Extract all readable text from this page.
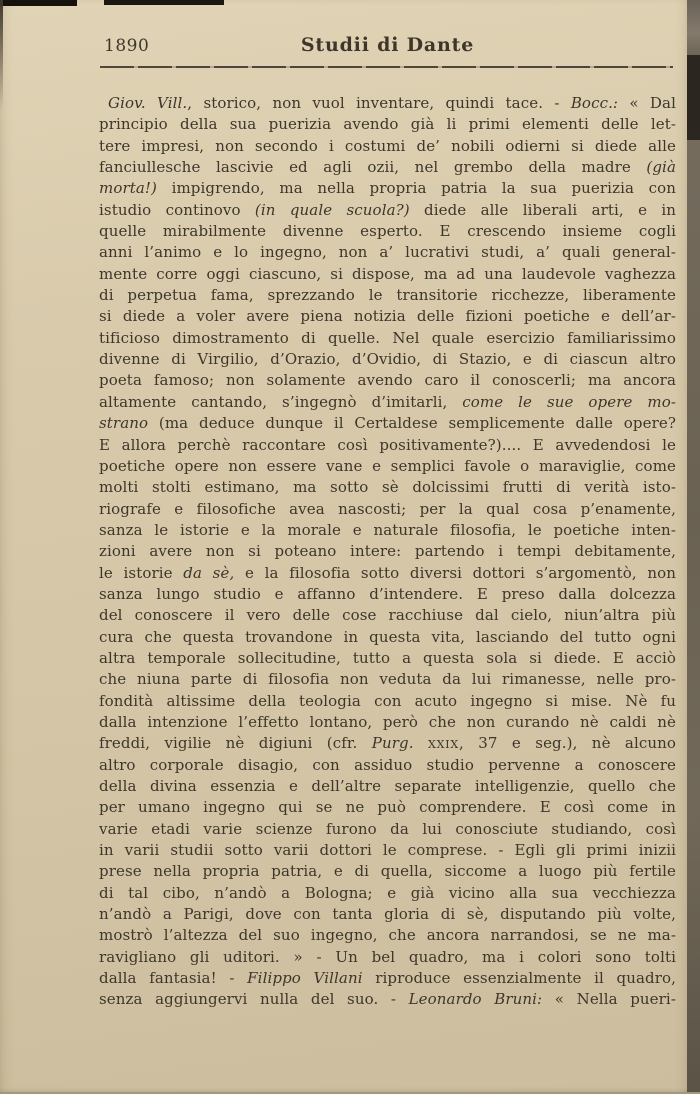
1890	Studii di Dante
Giov. Vill., storico, non vuol inventare, quindi tace. - Bocc.: « Dal
principio della sua puerizia avendo già li primi elementi delle let-
tere impresi, non secondo i costumi de’ nobili odierni si diede alle
fanciullesche lascivie ed agli ozii, nel grembo della madre (già
morta!) impigrendo, ma nella propria patria la sua puerizia con
istudio continovo (in quale scuola?) diede alle liberali arti, e in
quelle mirabilmente divenne esperto. E crescendo insieme cogli
anni l’animo e lo ingegno, non a’ lucrativi studi, a’ quali general-
mente corre oggi ciascuno, si dispose, ma ad una laudevole vaghezza
di perpetua fama, sprezzando le transitorie ricchezze, liberamente
si diede a voler avere piena notizia delle fizioni poetiche e dell’ar-
tificioso dimostramento di quelle. Nel quale esercizio familiarissimo
divenne di Virgilio, d’Orazio, d’Ovidio, di Stazio, e di ciascun altro
poeta famoso; non solamente avendo caro il conoscerli; ma ancora
altamente cantando, s’ingegnò d’imitarli, come le sue opere mo-
strano (ma deduce dunque il Certaldese semplicemente dalle opere?
E allora perchè raccontare così positivamente?).... E avvedendosi le
poetiche opere non essere vane e semplici favole o maraviglie, come
molti stolti estimano, ma sotto sè dolcissimi frutti di verità isto-
riografe e filosofiche avea nascosti; per la qual cosa p’enamente,
sanza le istorie e la morale e naturale filosofia, le poetiche inten-
zioni avere non si poteano intere: partendo i tempi debitamente,
le istorie da sè, e la filosofia sotto diversi dottori s’argomentò, non
sanza lungo studio e affanno d’intendere. E preso dalla dolcezza
del conoscere il vero delle cose racchiuse dal cielo, niun’altra più
cura che questa trovandone in questa vita, lasciando del tutto ogni
altra temporale sollecitudine, tutto a questa sola si diede. E acciò
che niuna parte di filosofia non veduta da lui rimanesse, nelle pro-
fondità altissime della teologia con acuto ingegno si mise. Nè fu
dalla intenzione l’effetto lontano, però che non curando nè caldi nè
freddi, vigilie nè digiuni (cfr. Purg. xxix, 37 e seg.), nè alcuno
altro corporale disagio, con assiduo studio pervenne a conoscere
della divina essenzia e dell’altre separate intelligenzie, quello che
per umano ingegno qui se ne può comprendere. E così come in
varie etadi varie scienze furono da lui conosciute studiando, così
in varii studii sotto varii dottori le comprese. - Egli gli primi inizii
prese nella propria patria, e di quella, siccome a luogo più fertile
di tal cibo, n’andò a Bologna; e già vicino alla sua vecchiezza
n’andò a Parigi, dove con tanta gloria di sè, disputando più volte,
mostrò l’altezza del suo ingegno, che ancora narrandosi, se ne ma-
ravigliano gli uditori. » - Un bel quadro, ma i colori sono tolti
dalla fantasia! - Filippo Villani riproduce essenzialmente il quadro,
senza aggiungervi nulla del suo. - Leonardo Bruni: « Nella pueri-
